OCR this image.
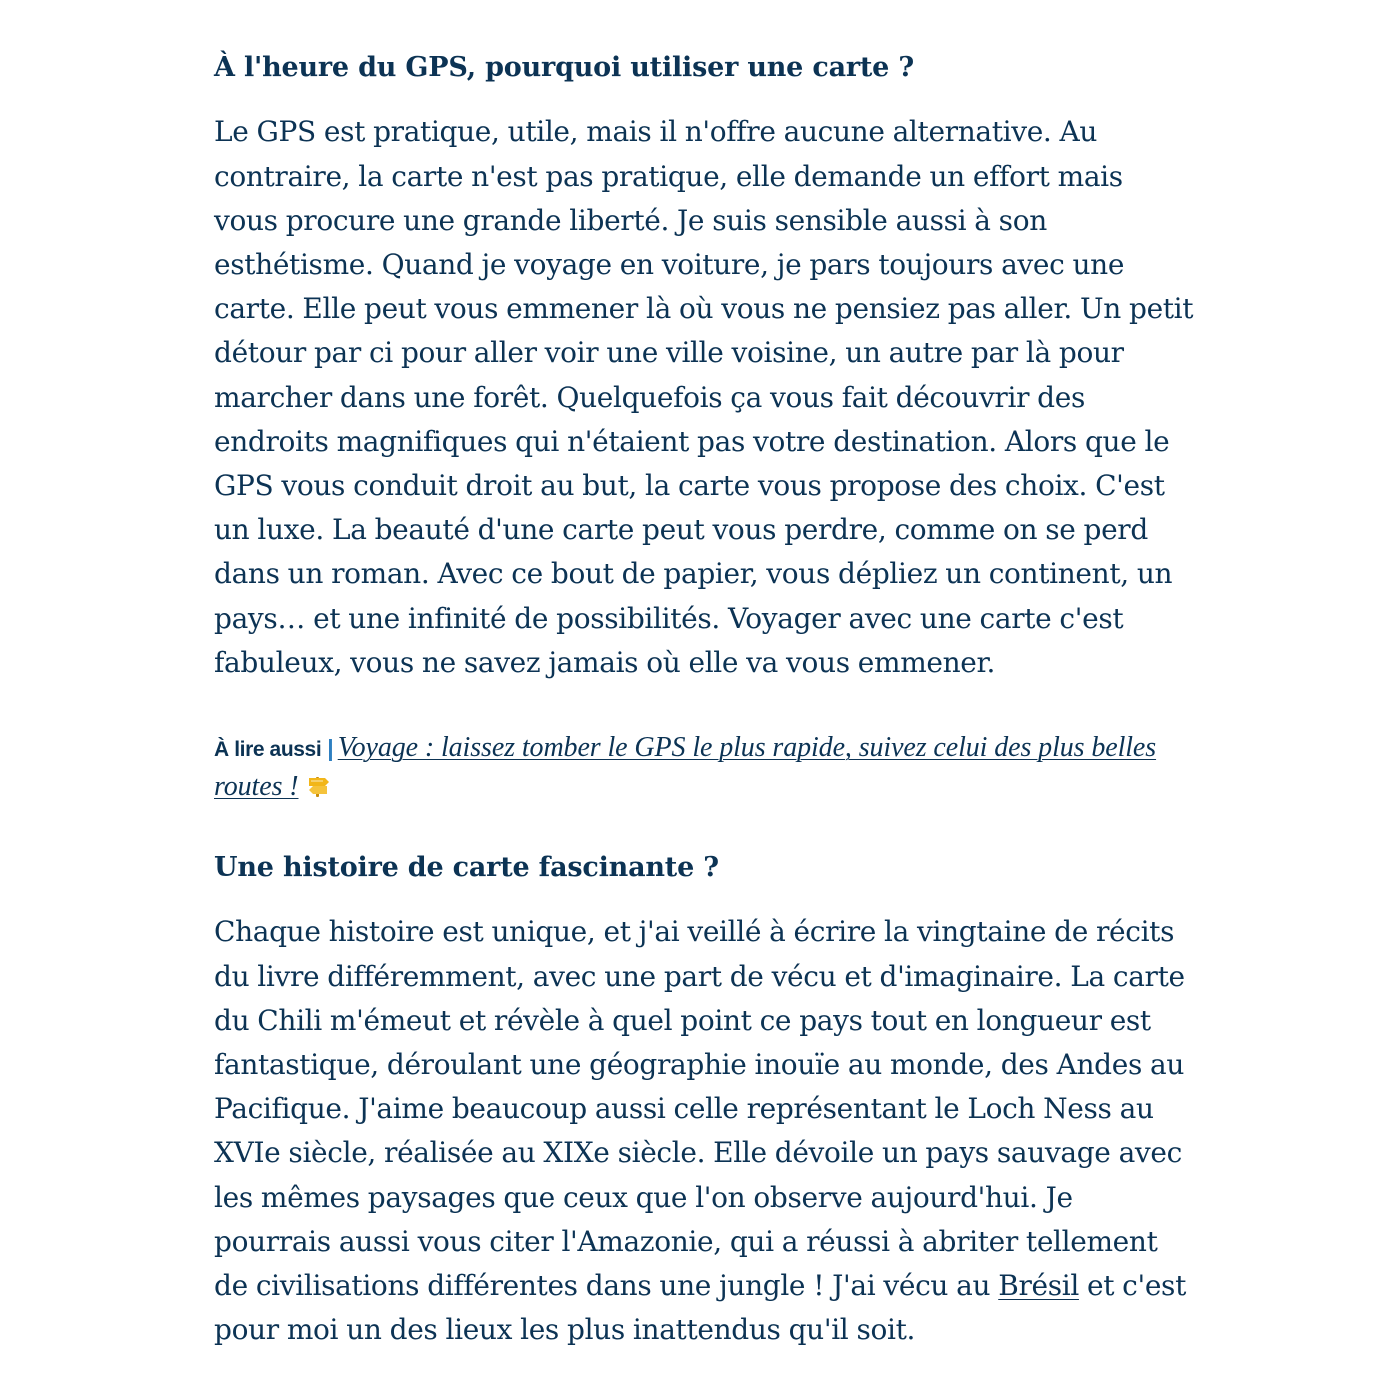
À l'heure du GPS, pourquoi utiliser une carte ?

Le GPS est pratique, utile, mais il n'offre aucune alternative. Au contraire, la carte n'est pas pratique, elle demande un effort mais vous procure une grande liberté. Je suis sensible aussi à son esthétisme. Quand je voyage en voiture, je pars toujours avec une carte. Elle peut vous emmener là où vous ne pensiez pas aller. Un petit détour par ci pour aller voir une ville voisine, un autre par là pour marcher dans une forêt. Quelquefois ça vous fait découvrir des endroits magnifiques qui n'étaient pas votre destination. Alors que le GPS vous conduit droit au but, la carte vous propose des choix. C'est un luxe. La beauté d'une carte peut vous perdre, comme on se perd dans un roman. Avec ce bout de papier, vous dépliez un continent, un pays… et une infinité de possibilités. Voyager avec une carte c'est fabuleux, vous ne savez jamais où elle va vous emmener.

À lire aussi | Voyage : laissez tomber le GPS le plus rapide, suivez celui des plus belles routes !
Une histoire de carte fascinante ?

Chaque histoire est unique, et j'ai veillé à écrire la vingtaine de récits du livre différemment, avec une part de vécu et d'imaginaire. La carte du Chili m'émeut et révèle à quel point ce pays tout en longueur est fantastique, déroulant une géographie inouïe au monde, des Andes au Pacifique. J'aime beaucoup aussi celle représentant le Loch Ness au XVIe siècle, réalisée au XIXe siècle. Elle dévoile un pays sauvage avec les mêmes paysages que ceux que l'on observe aujourd'hui. Je pourrais aussi vous citer l'Amazonie, qui a réussi à abriter tellement de civilisations différentes dans une jungle ! J'ai vécu au Brésil et c'est pour moi un des lieux les plus inattendus qu'il soit.
